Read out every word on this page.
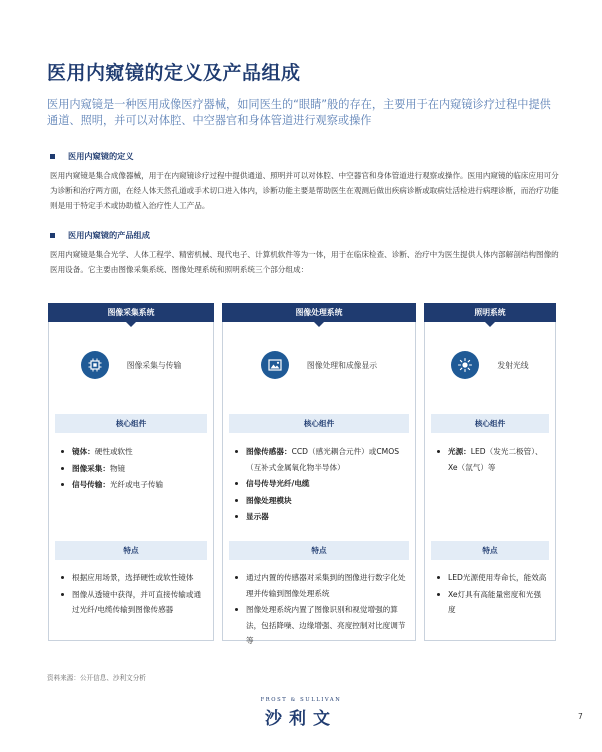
医用内窥镜的定义及产品组成

医用内窥镜是一种医用成像医疗器械，如同医生的“眼睛”般的存在，主要用于在内窥镜诊疗过程中提供通道、照明，并可以对体腔、中空器官和身体管道进行观察或操作

医用内窥镜的定义

医用内窥镜是集合成像器械，用于在内窥镜诊疗过程中提供通道、照明并可以对体腔、中空器官和身体管道进行观察或操作。医用内窥镜的临床应用可分为诊断和治疗两方面，在经人体天然孔道或手术切口进入体内，诊断功能主要是帮助医生在观测后做出疾病诊断或取病灶活检进行病理诊断，而治疗功能则是用于特定手术或协助植入治疗性人工产品。

医用内窥镜的产品组成

医用内窥镜是集合光学、人体工程学、精密机械、现代电子、计算机软件等为一体，用于在临床检查、诊断、治疗中为医生提供人体内部解剖结构图像的医用设备。它主要由图像采集系统、图像处理系统和照明系统三个部分组成：

图像采集系统
图像采集与传输
核心组件
镜体：硬性或软性
图像采集：物镜
信号传输：光纤或电子传输
特点
根据应用场景，选择硬性或软性镜体
图像从透镜中获得，并可直接传输或通过光纤/电缆传输到图像传感器
图像处理系统
图像处理和成像显示
核心组件
图像传感器：CCD（感光耦合元件）或CMOS（互补式金属氧化物半导体）
信号传导光纤/电缆
图像处理模块
显示器
特点
通过内置的传感器对采集到的图像进行数字化处理并传输到图像处理系统
图像处理系统内置了图像识别和视觉增强的算法，包括降噪、边缘增强、亮度控制对比度调节等
照明系统
发射光线
核心组件
光源：LED（发光二极管）、Xe（氙气）等
特点
LED光源使用寿命长，能效高
Xe灯具有高能量密度和光强度

资料来源：公开信息、沙利文分析

FROST & SULLIVAN
沙利文	7
